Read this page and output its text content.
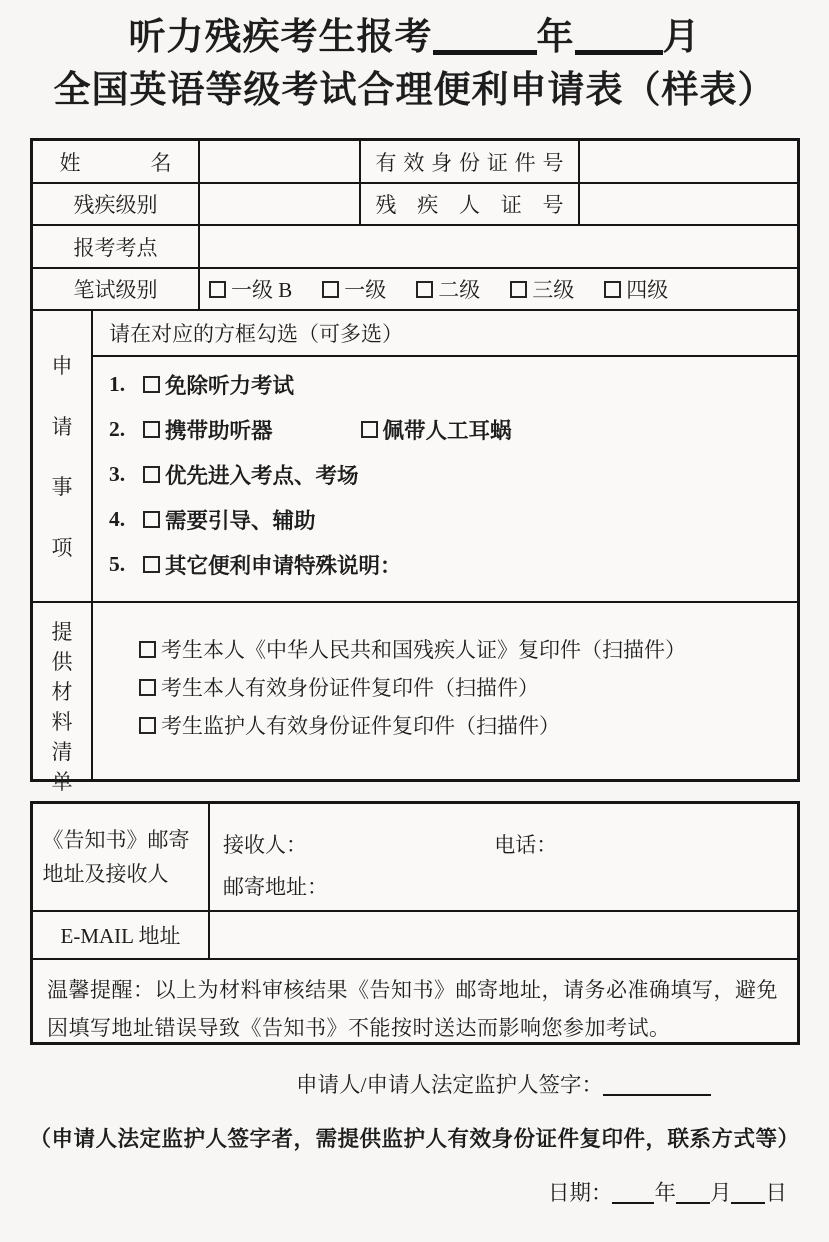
听力残疾考生报考	年 月
全国英语等级考试合理便利申请表（样表）
姓名	有效身份证件号
残疾级别	残疾人证号
报考考点
笔试级别	一级 B 一级 二级 三级 四级
申
请
事
项
请在对应的方框勾选（可多选）
1.	免除听力考试
2.	携带助听器	佩带人工耳蜗
3.	优先进入考点、考场
4.	需要引导、辅助
5.	其它便利申请特殊说明：
提
供
材
料
清
单
考生本人《中华人民共和国残疾人证》复印件（扫描件）
考生本人有效身份证件复印件（扫描件）
考生监护人有效身份证件复印件（扫描件）
《告知书》邮寄地址及接收人
接收人：	电话：
邮寄地址：
E-MAIL 地址
温馨提醒：以上为材料审核结果《告知书》邮寄地址，请务必准确填写，避免因填写地址错误导致《告知书》不能按时送达而影响您参加考试。
申请人/申请人法定监护人签字：
（申请人法定监护人签字者，需提供监护人有效身份证件复印件，联系方式等）
日期： 年 月 日
